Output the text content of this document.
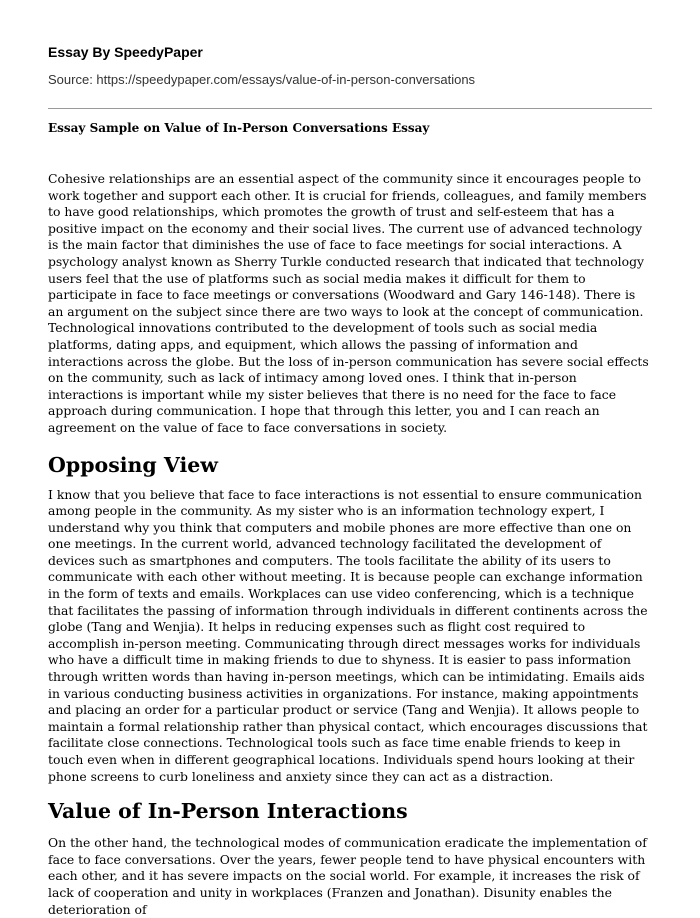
Essay By SpeedyPaper
Source: https://speedypaper.com/essays/value-of-in-person-conversations
Essay Sample on Value of In-Person Conversations Essay

Cohesive relationships are an essential aspect of the community since it encourages people to work together and support each other. It is crucial for friends, colleagues, and family members to have good relationships, which promotes the growth of trust and self-esteem that has a positive impact on the economy and their social lives. The current use of advanced technology is the main factor that diminishes the use of face to face meetings for social interactions. A psychology analyst known as Sherry Turkle conducted research that indicated that technology users feel that the use of platforms such as social media makes it difficult for them to participate in face to face meetings or conversations (Woodward and Gary 146-148). There is an argument on the subject since there are two ways to look at the concept of communication. Technological innovations contributed to the development of tools such as social media platforms, dating apps, and equipment, which allows the passing of information and interactions across the globe. But the loss of in-person communication has severe social effects on the community, such as lack of intimacy among loved ones. I think that in-person interactions is important while my sister believes that there is no need for the face to face approach during communication. I hope that through this letter, you and I can reach an agreement on the value of face to face conversations in society.

Opposing View

I know that you believe that face to face interactions is not essential to ensure communication among people in the community. As my sister who is an information technology expert, I understand why you think that computers and mobile phones are more effective than one on one meetings. In the current world, advanced technology facilitated the development of devices such as smartphones and computers. The tools facilitate the ability of its users to communicate with each other without meeting. It is because people can exchange information in the form of texts and emails. Workplaces can use video conferencing, which is a technique that facilitates the passing of information through individuals in different continents across the globe (Tang and Wenjia). It helps in reducing expenses such as flight cost required to accomplish in-person meeting. Communicating through direct messages works for individuals who have a difficult time in making friends to due to shyness. It is easier to pass information through written words than having in-person meetings, which can be intimidating. Emails aids in various conducting business activities in organizations. For instance, making appointments and placing an order for a particular product or service (Tang and Wenjia). It allows people to maintain a formal relationship rather than physical contact, which encourages discussions that facilitate close connections. Technological tools such as face time enable friends to keep in touch even when in different geographical locations. Individuals spend hours looking at their phone screens to curb loneliness and anxiety since they can act as a distraction.

Value of In-Person Interactions

On the other hand, the technological modes of communication eradicate the implementation of face to face conversations. Over the years, fewer people tend to have physical encounters with each other, and it has severe impacts on the social world. For example, it increases the risk of lack of cooperation and unity in workplaces (Franzen and Jonathan). Disunity enables the deterioration of
